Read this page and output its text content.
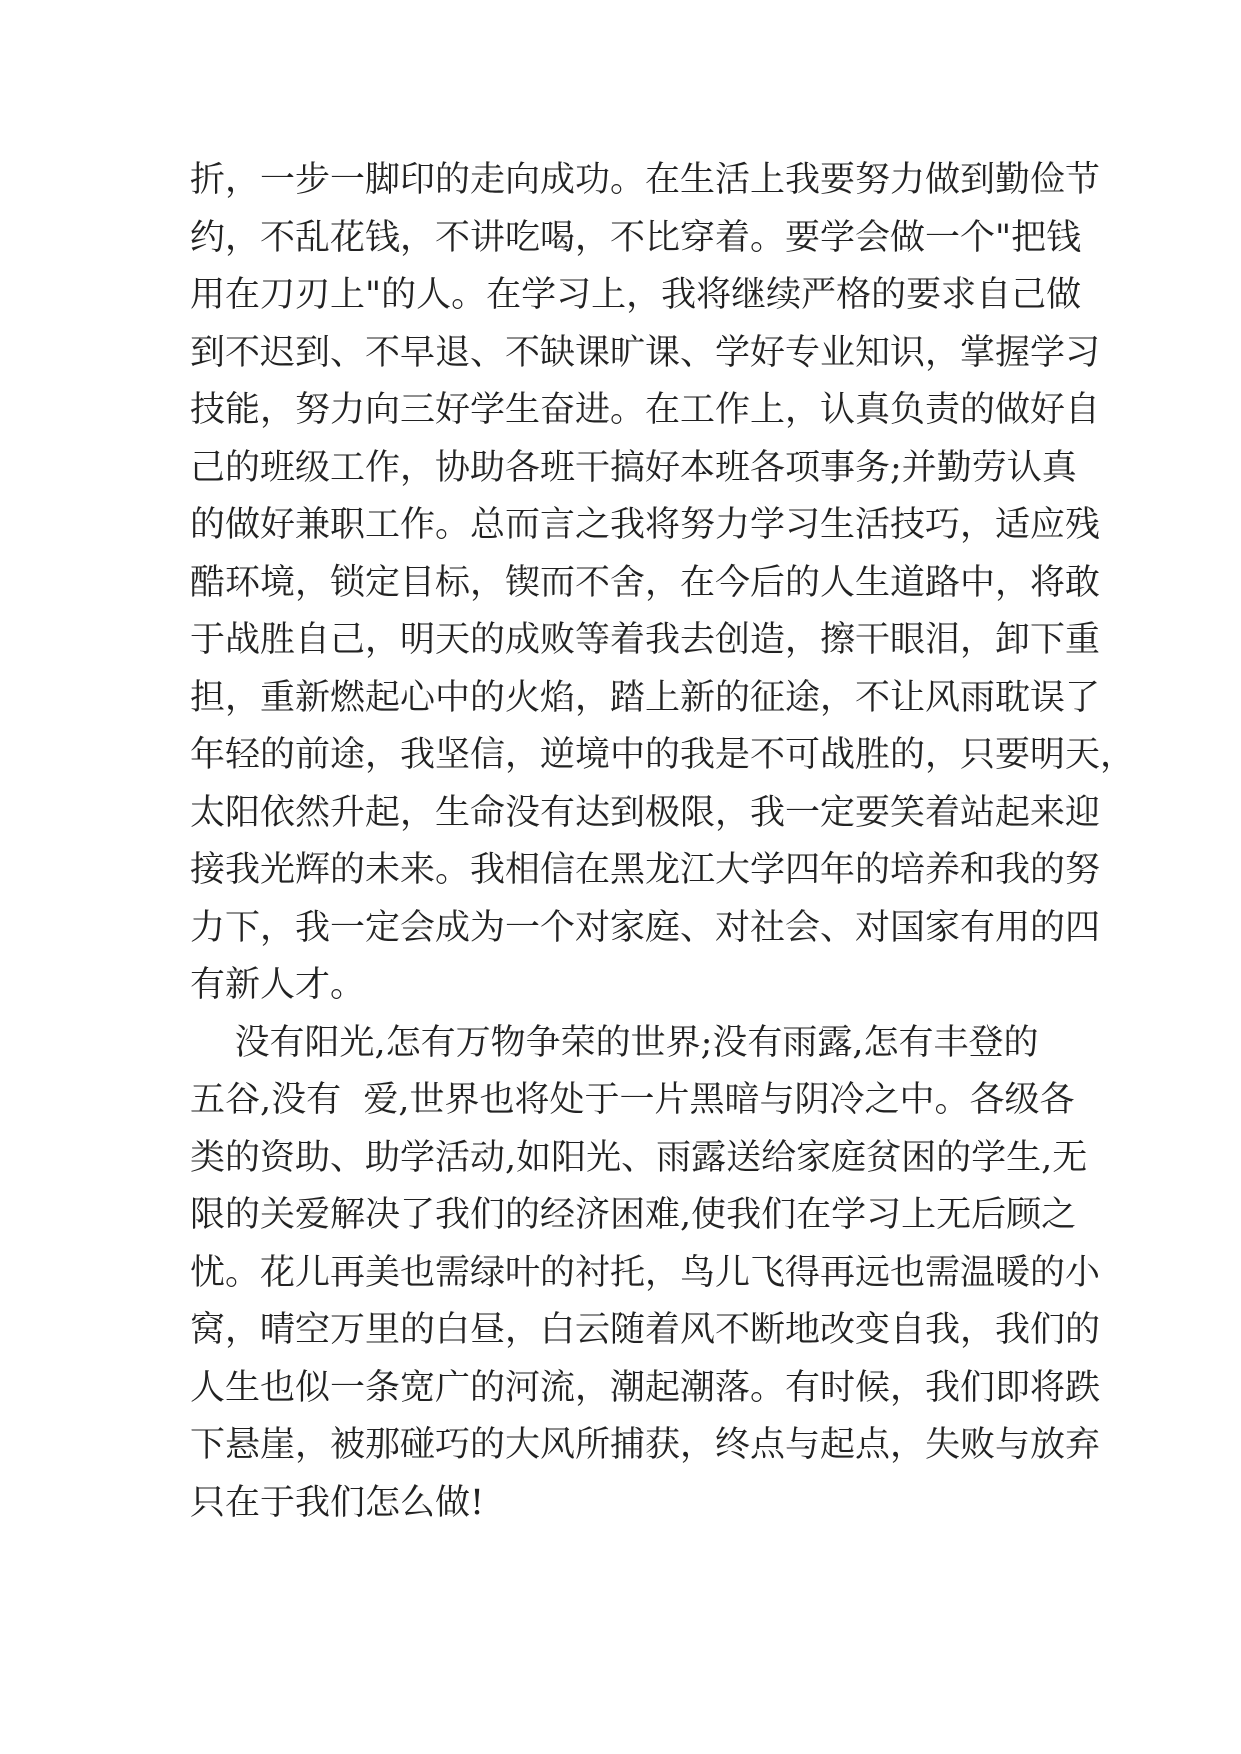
折，一步一脚印的走向成功。在生活上我要努力做到勤俭节
约，不乱花钱，不讲吃喝，不比穿着。要学会做一个"把钱
用在刀刃上"的人。在学习上，我将继续严格的要求自己做
到不迟到、不早退、不缺课旷课、学好专业知识，掌握学习
技能，努力向三好学生奋进。在工作上，认真负责的做好自
己的班级工作，协助各班干搞好本班各项事务;并勤劳认真
的做好兼职工作。总而言之我将努力学习生活技巧，适应残
酷环境，锁定目标，锲而不舍，在今后的人生道路中，将敢
于战胜自己，明天的成败等着我去创造，擦干眼泪，卸下重
担，重新燃起心中的火焰，踏上新的征途，不让风雨耽误了
年轻的前途，我坚信，逆境中的我是不可战胜的，只要明天，
太阳依然升起，生命没有达到极限，我一定要笑着站起来迎
接我光辉的未来。我相信在黑龙江大学四年的培养和我的努
力下，我一定会成为一个对家庭、对社会、对国家有用的四
有新人才。
没有阳光,怎有万物争荣的世界;没有雨露,怎有丰登的
五谷,没有  爱,世界也将处于一片黑暗与阴冷之中。各级各
类的资助、助学活动,如阳光、雨露送给家庭贫困的学生,无
限的关爱解决了我们的经济困难,使我们在学习上无后顾之
忧。花儿再美也需绿叶的衬托，鸟儿飞得再远也需温暖的小
窝，晴空万里的白昼，白云随着风不断地改变自我，我们的
人生也似一条宽广的河流，潮起潮落。有时候，我们即将跌
下悬崖，被那碰巧的大风所捕获，终点与起点，失败与放弃
只在于我们怎么做!
